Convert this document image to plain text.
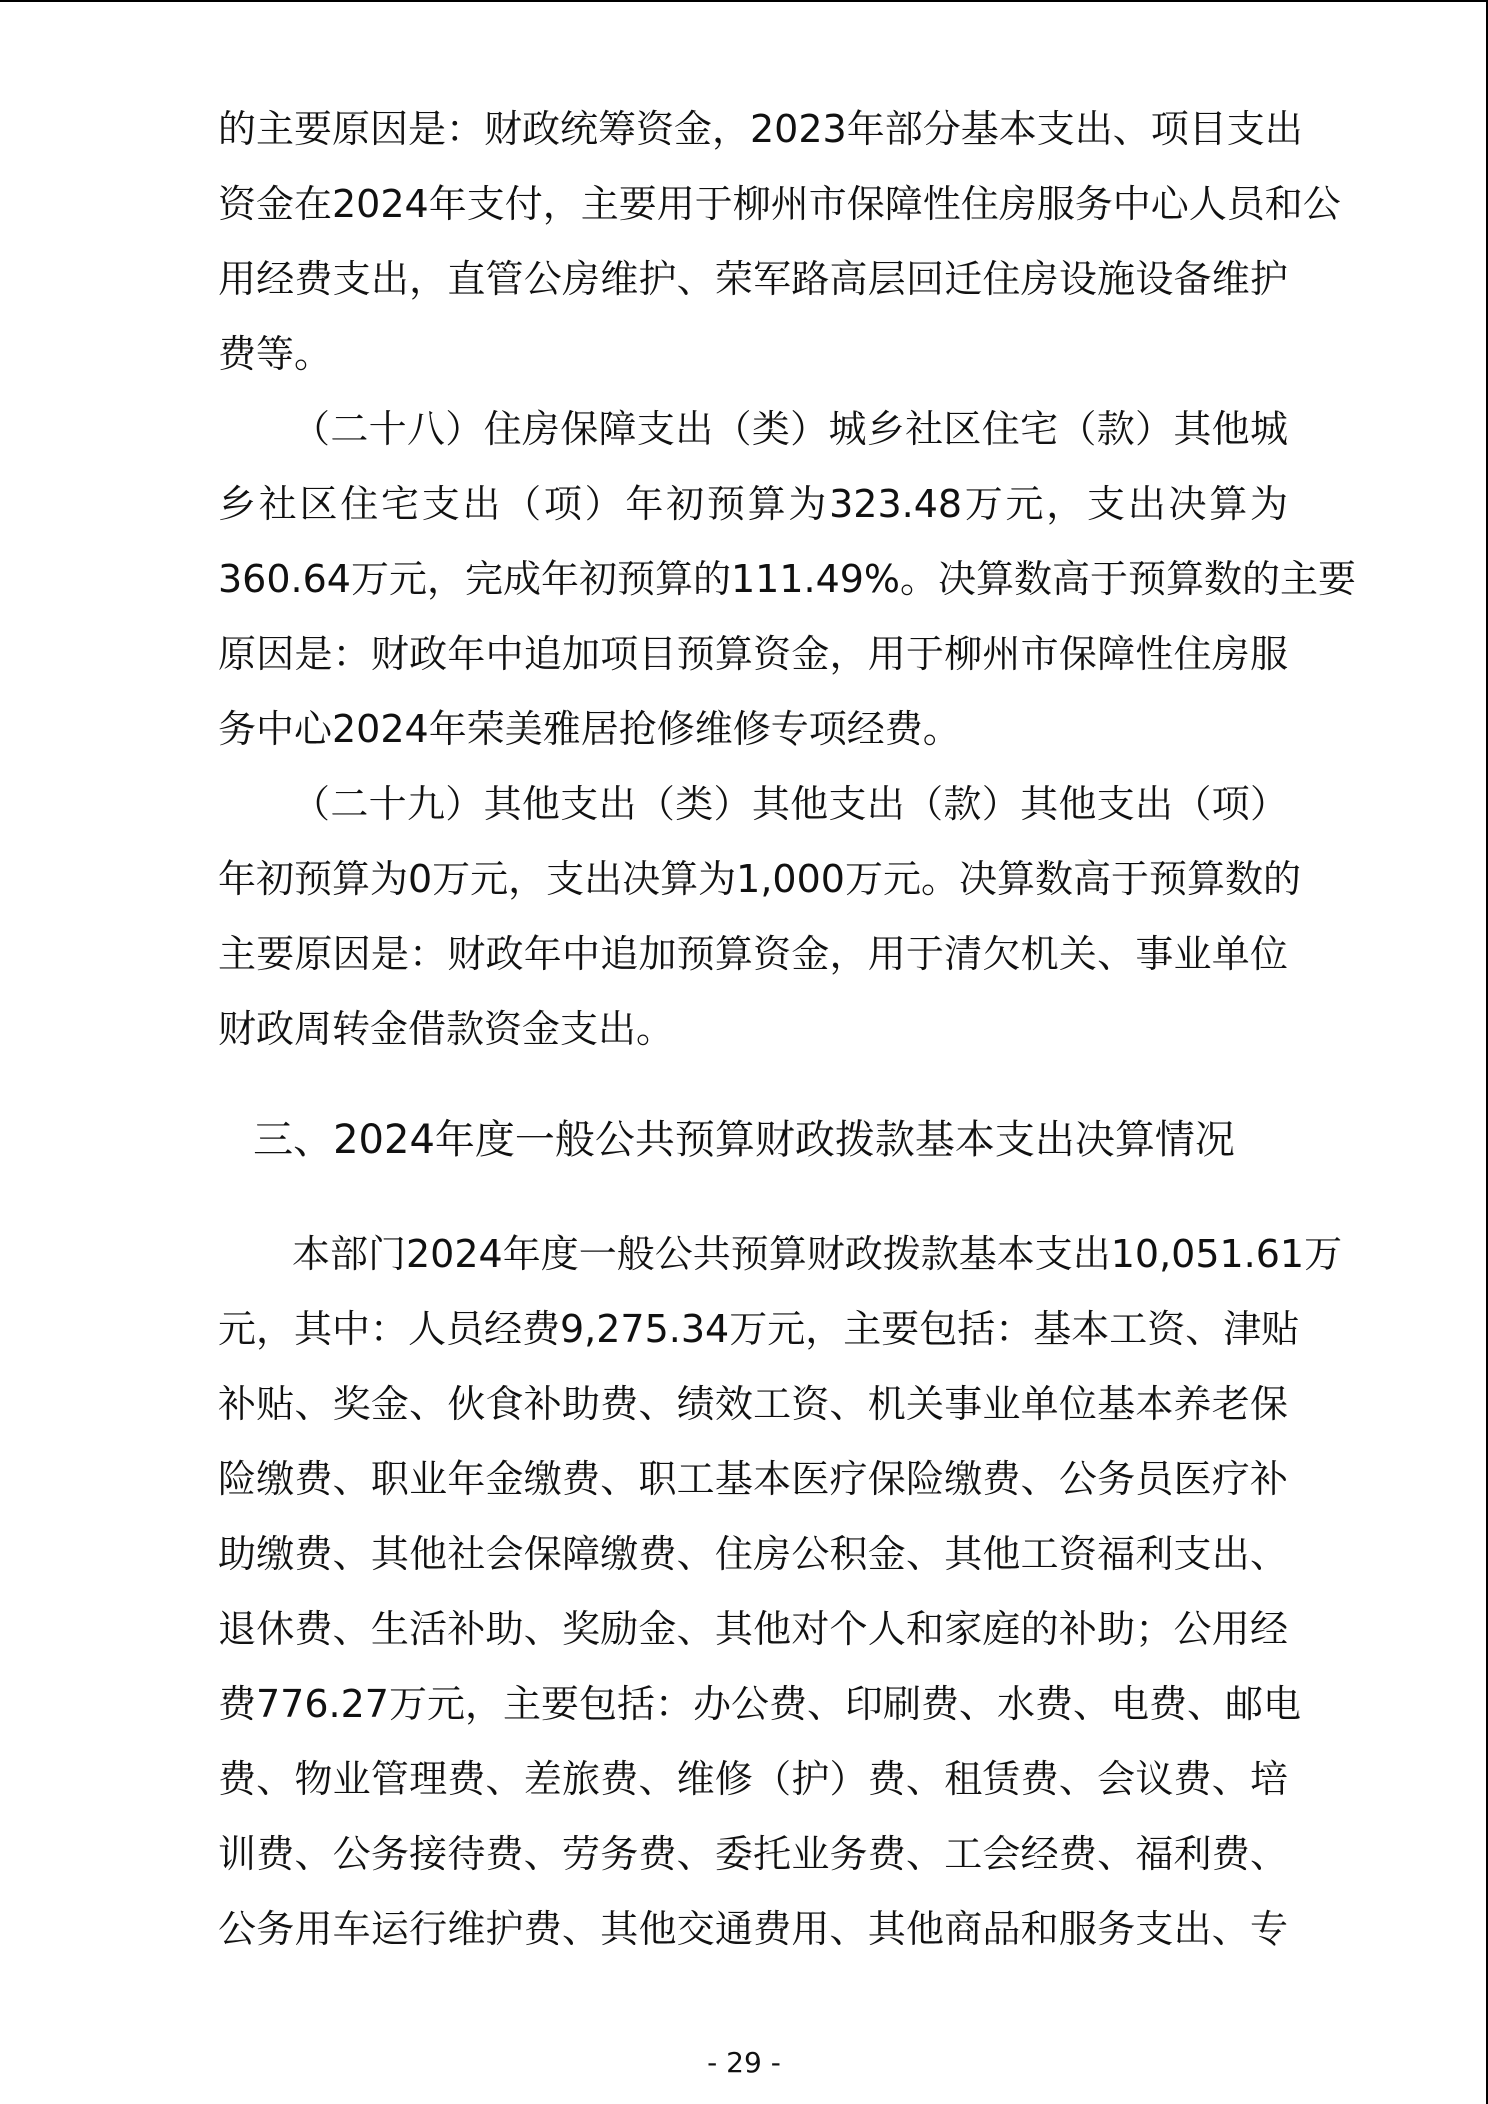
的主要原因是：财政统筹资金，2023年部分基本支出、项目支出
资金在2024年支付，主要用于柳州市保障性住房服务中心人员和公
用经费支出，直管公房维护、荣军路高层回迁住房设施设备维护
费等。
（二十八）住房保障支出（类）城乡社区住宅（款）其他城
乡社区住宅支出（项）年初预算为323.48万元，支出决算为
360.64万元，完成年初预算的111.49%。决算数高于预算数的主要
原因是：财政年中追加项目预算资金，用于柳州市保障性住房服
务中心2024年荣美雅居抢修维修专项经费。
（二十九）其他支出（类）其他支出（款）其他支出（项）
年初预算为0万元，支出决算为1,000万元。决算数高于预算数的
主要原因是：财政年中追加预算资金，用于清欠机关、事业单位
财政周转金借款资金支出。
三、2024年度一般公共预算财政拨款基本支出决算情况
本部门2024年度一般公共预算财政拨款基本支出10,051.61万
元，其中：人员经费9,275.34万元，主要包括：基本工资、津贴
补贴、奖金、伙食补助费、绩效工资、机关事业单位基本养老保
险缴费、职业年金缴费、职工基本医疗保险缴费、公务员医疗补
助缴费、其他社会保障缴费、住房公积金、其他工资福利支出、
退休费、生活补助、奖励金、其他对个人和家庭的补助；公用经
费776.27万元，主要包括：办公费、印刷费、水费、电费、邮电
费、物业管理费、差旅费、维修（护）费、租赁费、会议费、培
训费、公务接待费、劳务费、委托业务费、工会经费、福利费、
公务用车运行维护费、其他交通费用、其他商品和服务支出、专
- 29 -
